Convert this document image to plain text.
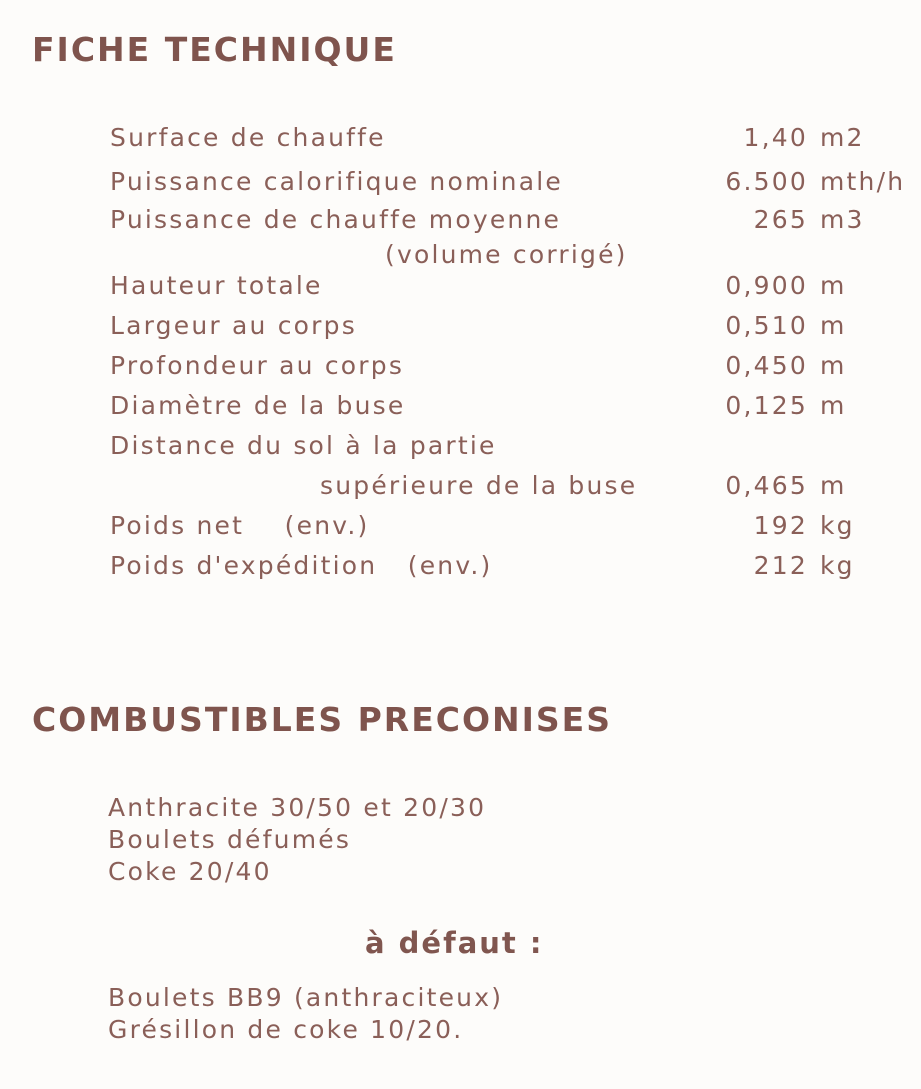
FICHE TECHNIQUE
Surface de chauffe	1,40 m2
Puissance calorifique nominale	6.500 mth/h
Puissance de chauffe moyenne	265 m3
(volume corrigé)
Hauteur totale	0,900 m
Largeur au corps	0,510 m
Profondeur au corps	0,450 m
Diamètre de la buse	0,125 m
Distance du sol à la partie
supérieure de la buse	0,465 m
Poids net    (env.)	192 kg
Poids d'expédition   (env.)	212 kg
COMBUSTIBLES PRECONISES
Anthracite 30/50 et 20/30
Boulets défumés
Coke 20/40
à défaut :
Boulets BB9 (anthraciteux)
Grésillon de coke 10/20.
